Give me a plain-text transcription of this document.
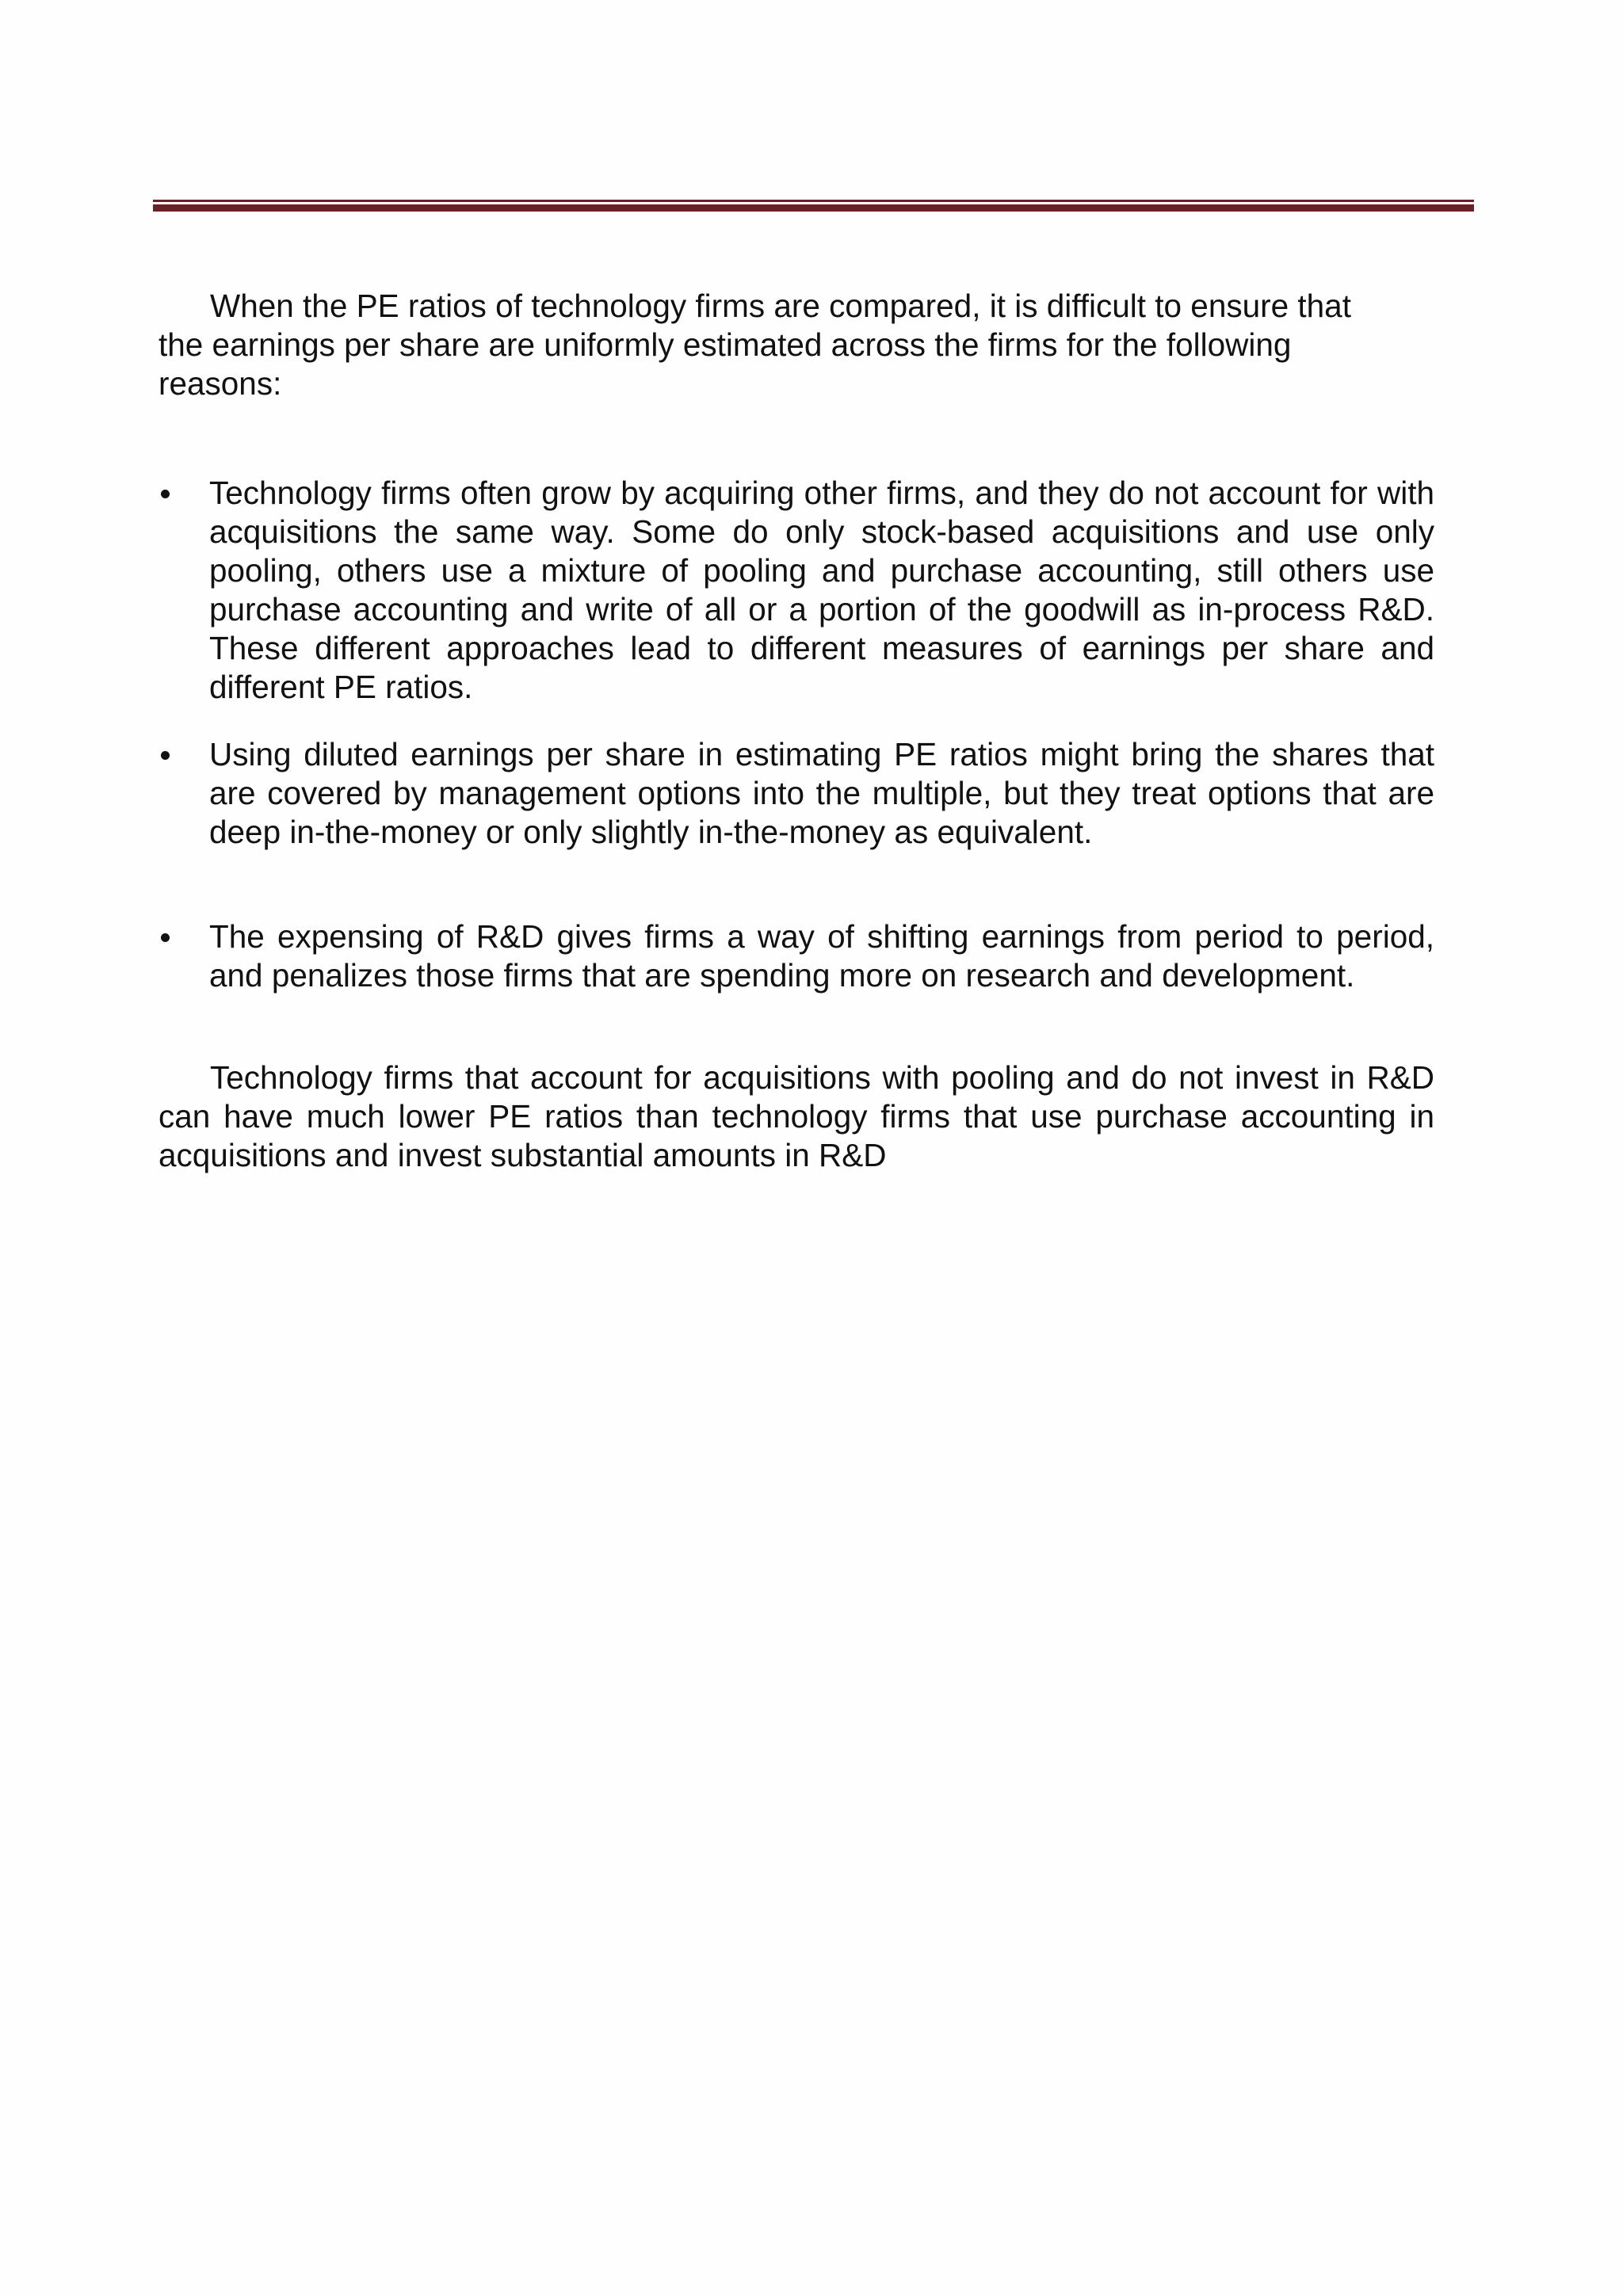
When the PE ratios of technology firms are compared, it is difficult to ensure that the earnings per share are uniformly estimated across the firms for the following reasons:

Technology firms often grow by acquiring other firms, and they do not account for with acquisitions the same way. Some do only stock-based acquisitions and use only pooling, others use a mixture of pooling and purchase accounting, still others use purchase accounting and write of all or a portion of the goodwill as in-process R&D. These different approaches lead to different measures of earnings per share and different PE ratios.
Using diluted earnings per share in estimating PE ratios might bring the shares that are covered by management options into the multiple, but they treat options that are deep in-the-money or only slightly in-the-money as equivalent.
The expensing of R&D gives firms a way of shifting earnings from period to period, and penalizes those firms that are spending more on research and development.

Technology firms that account for acquisitions with pooling and do not invest in R&D can have much lower PE ratios than technology firms that use purchase accounting in acquisitions and invest substantial amounts in R&D
